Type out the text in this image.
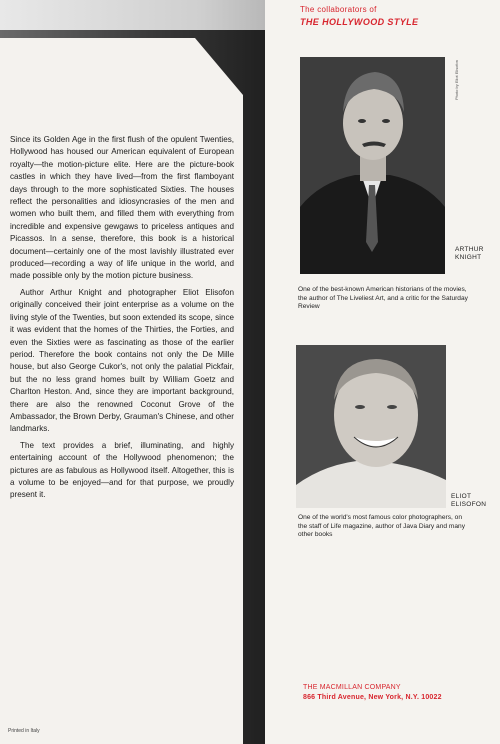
Since its Golden Age in the first flush of the opulent Twenties, Hollywood has housed our American equivalent of European royalty—the motion-picture elite. Here are the picture-book castles in which they have lived—from the first flamboyant days through to the more sophisticated Sixties. The houses reflect the personalities and idiosyncrasies of the men and women who built them, and filled them with everything from incredible and expensive gewgaws to priceless antiques and Picassos. In a sense, therefore, this book is a historical document—certainly one of the most lavishly illustrated ever produced—recording a way of life unique in the world, and made possible only by the motion picture business.

Author Arthur Knight and photographer Eliot Elisofon originally conceived their joint enterprise as a volume on the living style of the Twenties, but soon extended its scope, since it was evident that the homes of the Thirties, the Forties, and even the Sixties were as fascinating as those of the earlier period. Therefore the book contains not only the De Mille house, but also George Cukor's, not only the palatial Pickfair, but the no less grand homes built by William Goetz and Charlton Heston. And, since they are important background, there are also the renowned Coconut Grove of the Ambassador, the Brown Derby, Grauman's Chinese, and other landmarks.

The text provides a brief, illuminating, and highly entertaining account of the Hollywood phenomenon; the pictures are as fabulous as Hollywood itself. Altogether, this is a volume to be enjoyed—and for that purpose, we proudly present it.

Printed in Italy
The collaborators of
THE HOLLYWOOD STYLE
Photo by Eliot Elisofon
ARTHUR
KNIGHT
One of the best-known American historians of the movies, the author of The Liveliest Art, and a critic for the Saturday Review
ELIOT
ELISOFON
One of the world's most famous color photographers, on the staff of Life magazine, author of Java Diary and many other books
THE MACMILLAN COMPANY
866 Third Avenue, New York, N.Y. 10022
